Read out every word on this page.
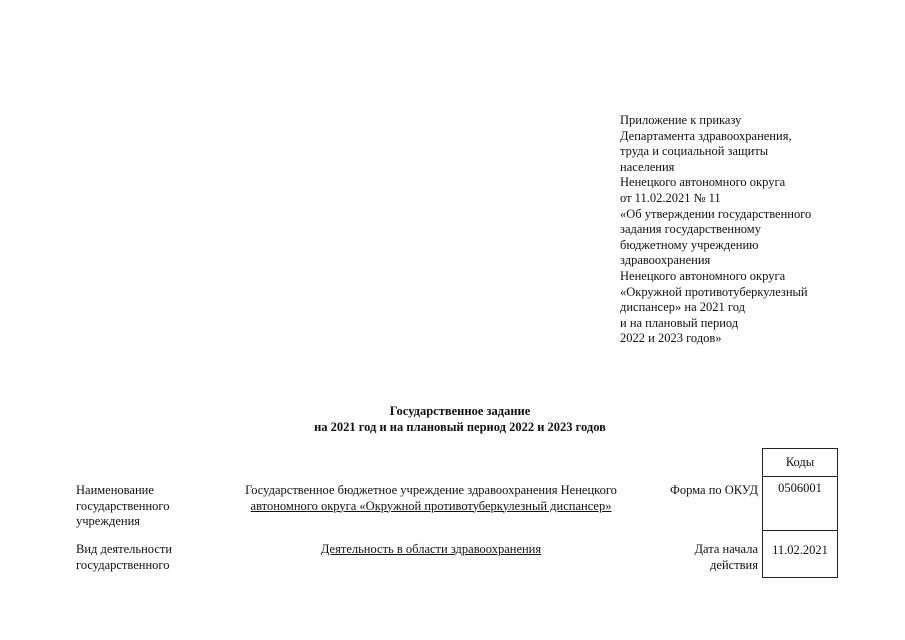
Приложение к приказу
Департамента здравоохранения,
труда и социальной защиты
населения
Ненецкого автономного округа
от 11.02.2021 № 11
«Об утверждении государственного
задания государственному
бюджетному учреждению
здравоохранения
Ненецкого автономного округа
«Окружной противотуберкулезный
диспансер» на 2021 год
и на плановый период
2022 и 2023 годов»
Государственное задание
на 2021 год и на плановый период 2022 и 2023 годов
Коды
0506001
11.02.2021
Наименование
государственного
учреждения
Государственное бюджетное учреждение здравоохранения Ненецкого
автономного округа «Окружной противотуберкулезный диспансер»
Форма по ОКУД
Вид деятельности
государственного
Деятельность в области здравоохранения	Дата начала
действия
